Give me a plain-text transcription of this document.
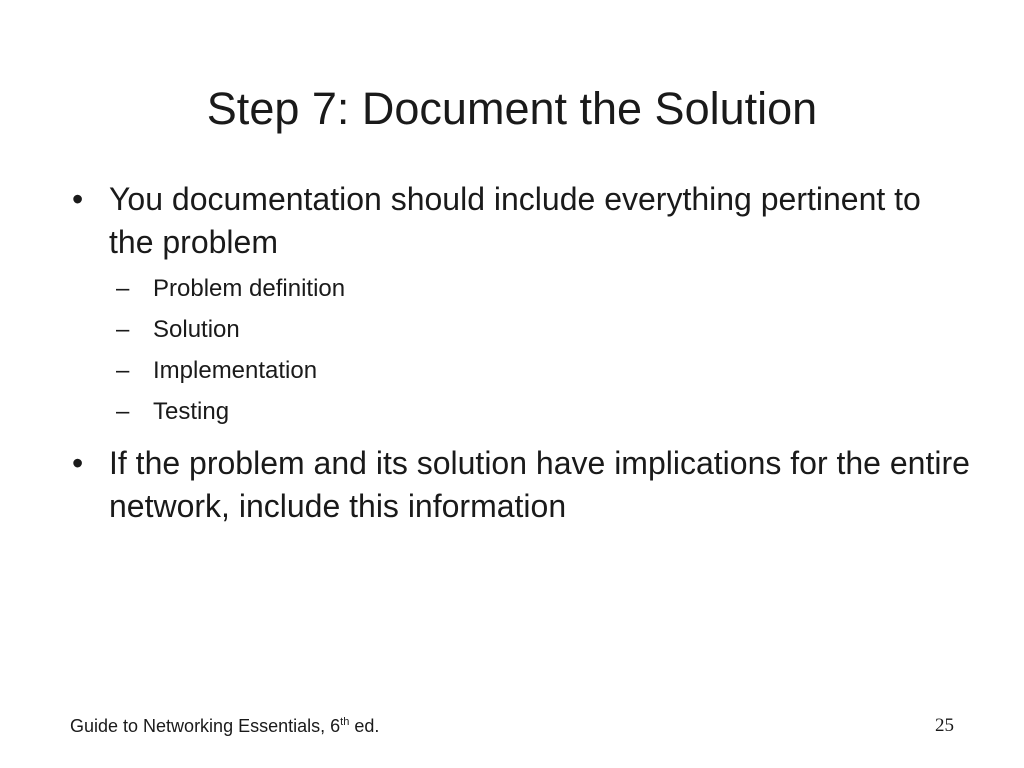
Step 7: Document the Solution
• You documentation should include everything pertinent to the problem
– Problem definition
– Solution
– Implementation
– Testing
• If the problem and its solution have implications for the entire network, include this information
Guide to Networking Essentials, 6th ed.	25
